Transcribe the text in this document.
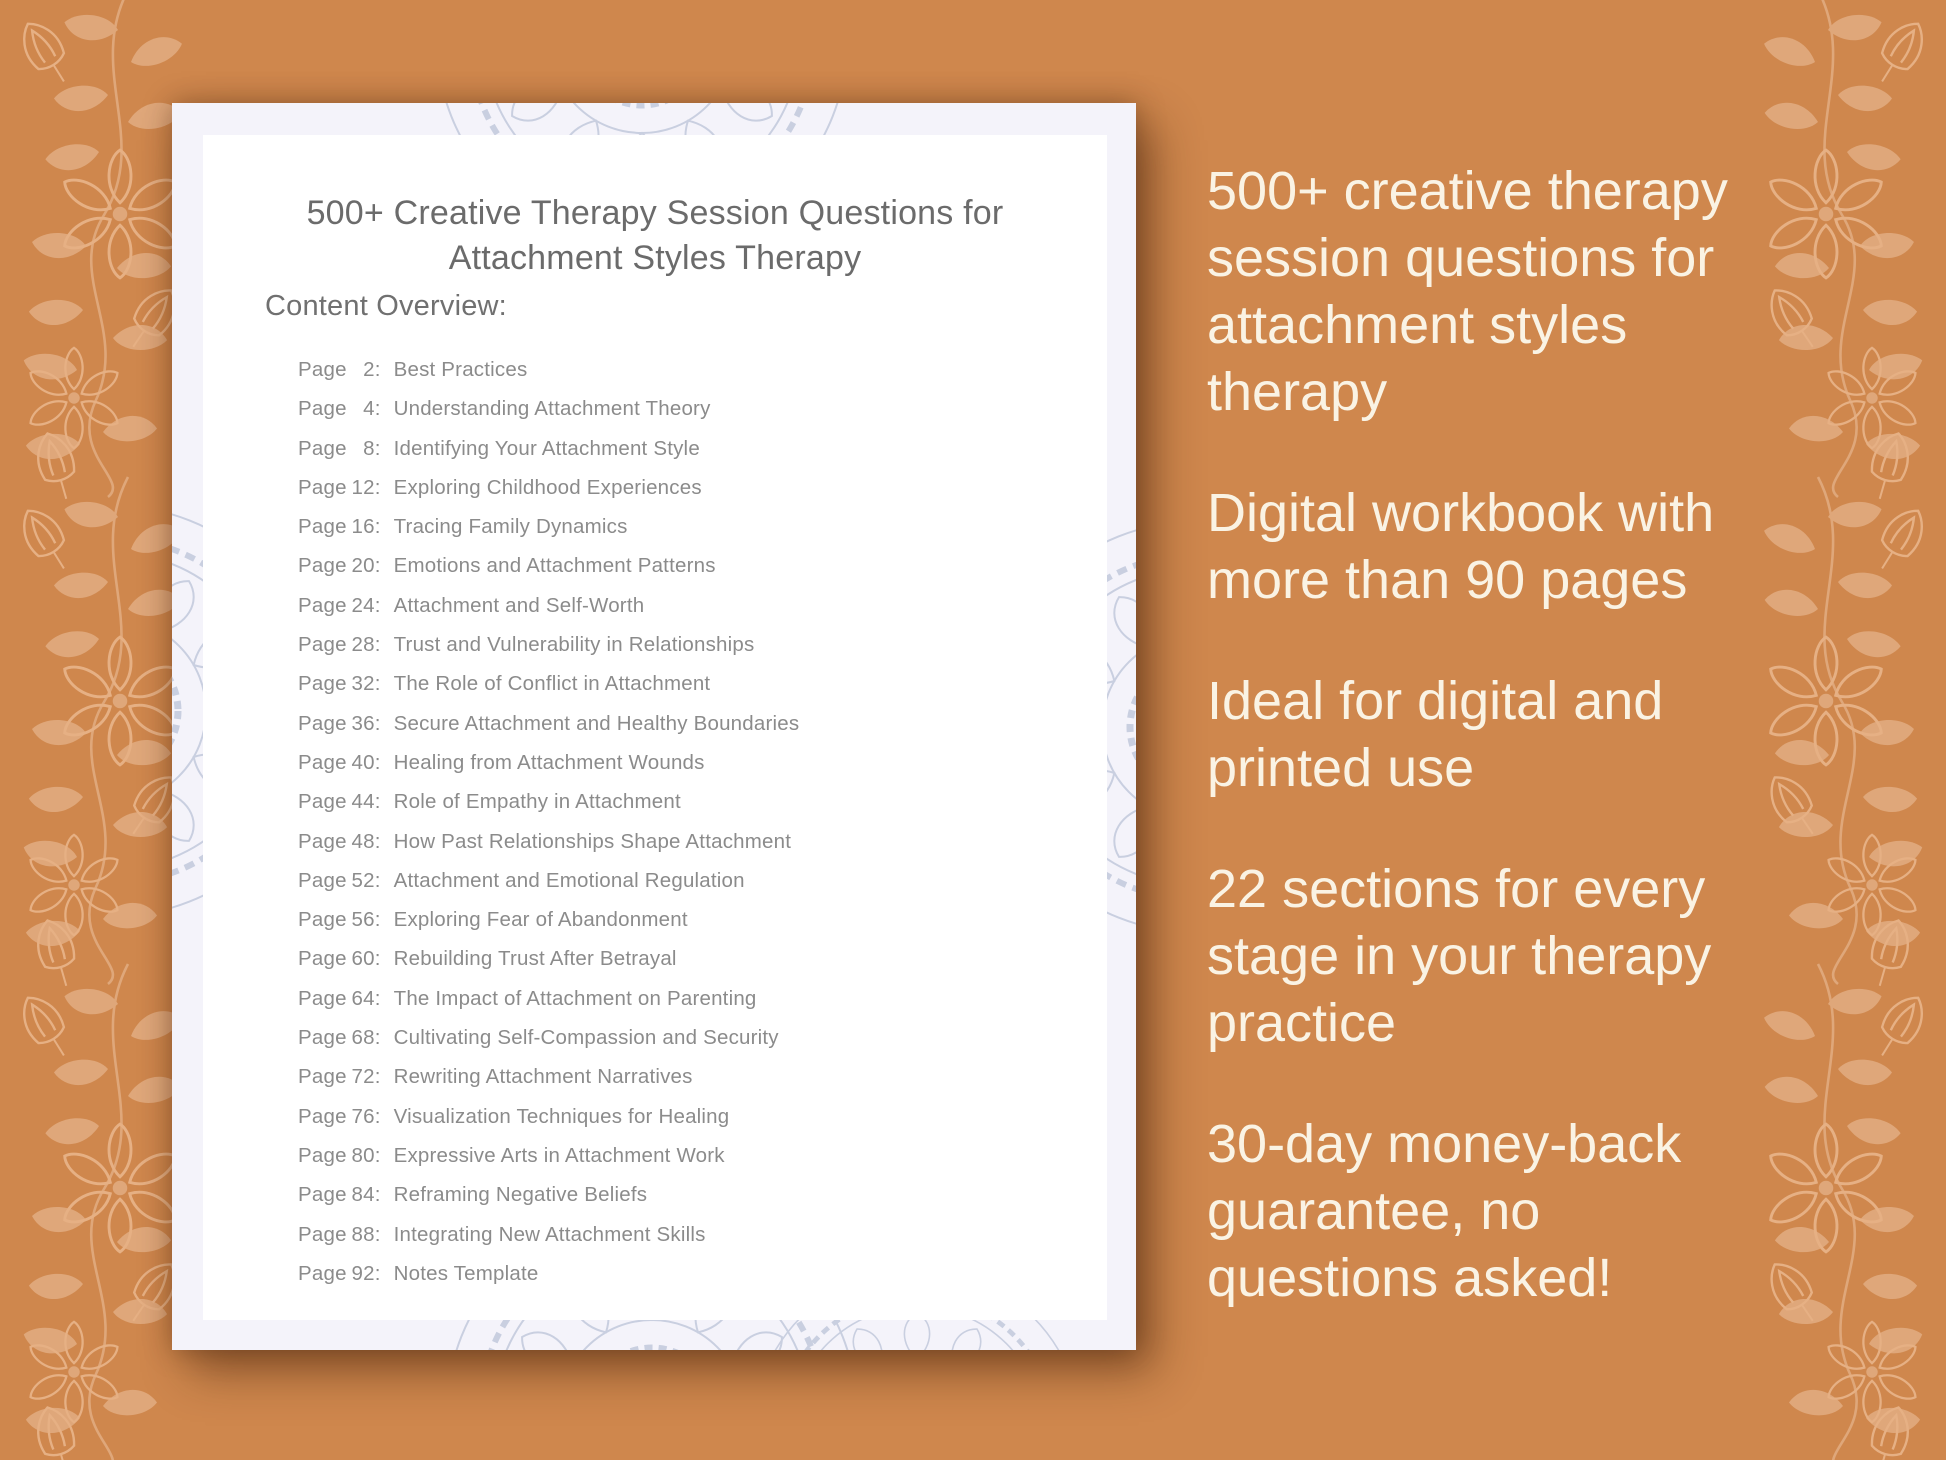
500+ Creative Therapy Session Questions for
Attachment Styles Therapy
Content Overview:
Page 2: Best Practices
Page 4: Understanding Attachment Theory
Page 8: Identifying Your Attachment Style
Page 12: Exploring Childhood Experiences
Page 16: Tracing Family Dynamics
Page 20: Emotions and Attachment Patterns
Page 24: Attachment and Self-Worth
Page 28: Trust and Vulnerability in Relationships
Page 32: The Role of Conflict in Attachment
Page 36: Secure Attachment and Healthy Boundaries
Page 40: Healing from Attachment Wounds
Page 44: Role of Empathy in Attachment
Page 48: How Past Relationships Shape Attachment
Page 52: Attachment and Emotional Regulation
Page 56: Exploring Fear of Abandonment
Page 60: Rebuilding Trust After Betrayal
Page 64: The Impact of Attachment on Parenting
Page 68: Cultivating Self-Compassion and Security
Page 72: Rewriting Attachment Narratives
Page 76: Visualization Techniques for Healing
Page 80: Expressive Arts in Attachment Work
Page 84: Reframing Negative Beliefs
Page 88: Integrating New Attachment Skills
Page 92: Notes Template

500+ creative therapy session questions for attachment styles therapy

Digital workbook with more than 90 pages

Ideal for digital and printed use

22 sections for every stage in your therapy practice

30-day money-back guarantee, no questions asked!
